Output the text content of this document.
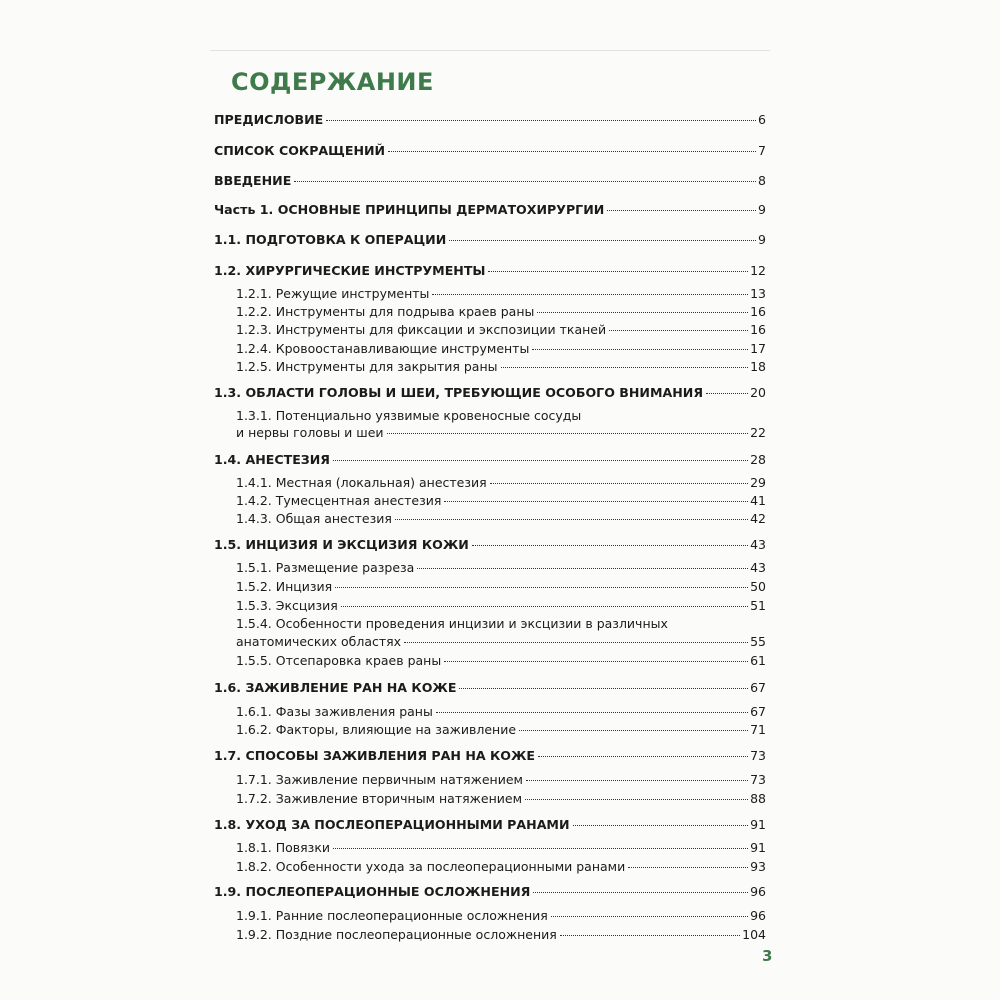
СОДЕРЖАНИЕ
ПРЕДИСЛОВИЕ	6
СПИСОК СОКРАЩЕНИЙ	7
ВВЕДЕНИЕ	8
Часть 1. ОСНОВНЫЕ ПРИНЦИПЫ ДЕРМАТОХИРУРГИИ	9
1.1. ПОДГОТОВКА К ОПЕРАЦИИ	9
1.2. ХИРУРГИЧЕСКИЕ ИНСТРУМЕНТЫ	12
1.2.1. Режущие инструменты	13
1.2.2. Инструменты для подрыва краев раны	16
1.2.3. Инструменты для фиксации и экспозиции тканей	16
1.2.4. Кровоостанавливающие инструменты	17
1.2.5. Инструменты для закрытия раны	18
1.3. ОБЛАСТИ ГОЛОВЫ И ШЕИ, ТРЕБУЮЩИЕ ОСОБОГО ВНИМАНИЯ	20
1.3.1. Потенциально уязвимые кровеносные сосуды
и нервы головы и шеи	22
1.4. АНЕСТЕЗИЯ	28
1.4.1. Местная (локальная) анестезия	29
1.4.2. Тумесцентная анестезия	41
1.4.3. Общая анестезия	42
1.5. ИНЦИЗИЯ И ЭКСЦИЗИЯ КОЖИ	43
1.5.1. Размещение разреза	43
1.5.2. Инцизия	50
1.5.3. Эксцизия	51
1.5.4. Особенности проведения инцизии и эксцизии в различных
анатомических областях	55
1.5.5. Отсепаровка краев раны	61
1.6. ЗАЖИВЛЕНИЕ РАН НА КОЖЕ	67
1.6.1. Фазы заживления раны	67
1.6.2. Факторы, влияющие на заживление	71
1.7. СПОСОБЫ ЗАЖИВЛЕНИЯ РАН НА КОЖЕ	73
1.7.1. Заживление первичным натяжением	73
1.7.2. Заживление вторичным натяжением	88
1.8. УХОД ЗА ПОСЛЕОПЕРАЦИОННЫМИ РАНАМИ	91
1.8.1. Повязки	91
1.8.2. Особенности ухода за послеоперационными ранами	93
1.9. ПОСЛЕОПЕРАЦИОННЫЕ ОСЛОЖНЕНИЯ	96
1.9.1. Ранние послеоперационные осложнения	96
1.9.2. Поздние послеоперационные осложнения	104
3
